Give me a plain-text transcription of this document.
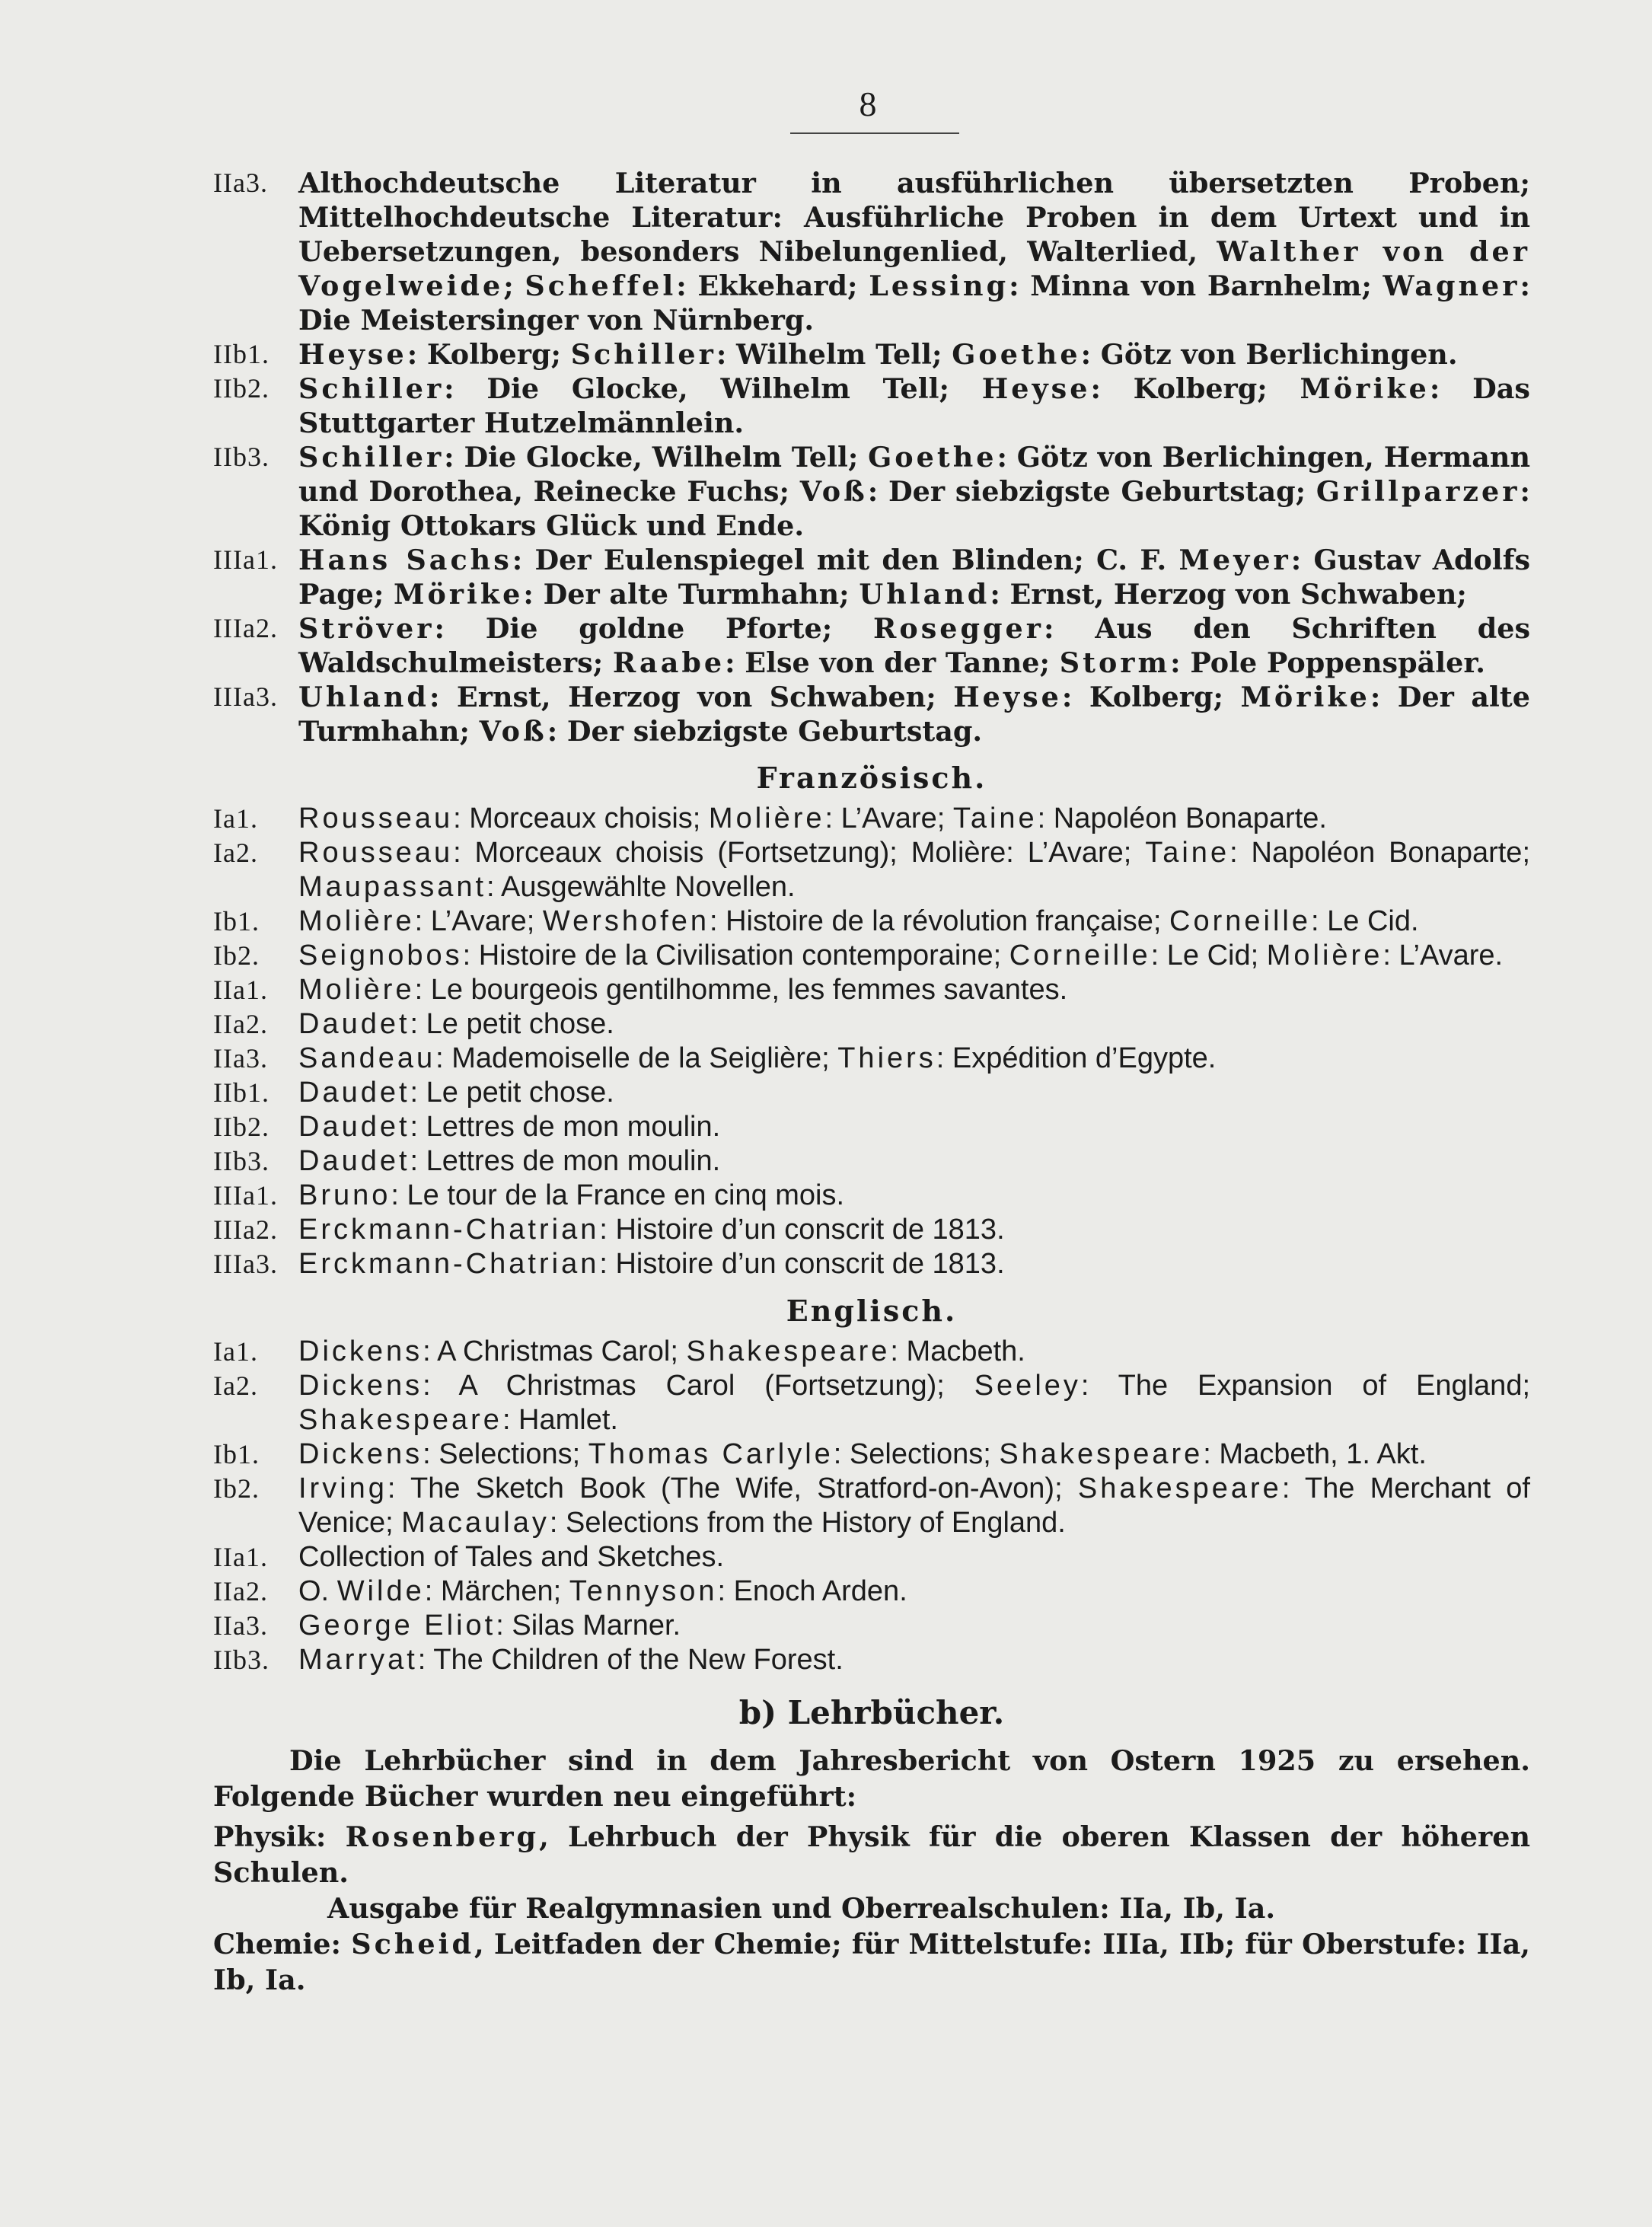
8
IIa3.	Althochdeutsche Literatur in ausführlichen übersetzten Proben; Mittelhochdeutsche Literatur: Ausführliche Proben in dem Urtext und in Uebersetzungen, besonders Nibelungenlied, Walterlied, Walther von der Vogelweide; Scheffel: Ekkehard; Lessing: Minna von Barnhelm; Wagner: Die Meistersinger von Nürnberg.
IIb1.	Heyse: Kolberg; Schiller: Wilhelm Tell; Goethe: Götz von Berlichingen.
IIb2.	Schiller: Die Glocke, Wilhelm Tell; Heyse: Kolberg; Mörike: Das Stuttgarter Hutzelmännlein.
IIb3.	Schiller: Die Glocke, Wilhelm Tell; Goethe: Götz von Berlichingen, Hermann und Dorothea, Reinecke Fuchs; Voß: Der siebzigste Geburtstag; Grillparzer: König Ottokars Glück und Ende.
IIIa1. Hans Sachs: Der Eulenspiegel mit den Blinden; C. F. Meyer: Gustav Adolfs Page; Mörike: Der alte Turmhahn; Uhland: Ernst, Herzog von Schwaben;
IIIa2. Ströver: Die goldne Pforte; Rosegger: Aus den Schriften des Waldschulmeisters; Raabe: Else von der Tanne; Storm: Pole Poppenspäler.
IIIa3. Uhland: Ernst, Herzog von Schwaben; Heyse: Kolberg; Mörike: Der alte Turmhahn; Voß: Der siebzigste Geburtstag.
Französisch.
Ia1.	Rousseau: Morceaux choisis; Molière: L’Avare; Taine: Napoléon Bonaparte.
Ia2.	Rousseau: Morceaux choisis (Fortsetzung); Molière: L’Avare; Taine: Napoléon Bonaparte; Maupassant: Ausgewählte Novellen.
Ib1.	Molière: L’Avare; Wershofen: Histoire de la révolution française; Corneille: Le Cid.
Ib2.	Seignobos: Histoire de la Civilisation contemporaine; Corneille: Le Cid; Molière: L’Avare.
IIa1.	Molière: Le bourgeois gentilhomme, les femmes savantes.
IIa2.	Daudet: Le petit chose.
IIa3.	Sandeau: Mademoiselle de la Seiglière; Thiers: Expédition d’Egypte.
IIb1.	Daudet: Le petit chose.
IIb2.	Daudet: Lettres de mon moulin.
IIb3.	Daudet: Lettres de mon moulin.
IIIa1. Bruno: Le tour de la France en cinq mois.
IIIa2. Erckmann-Chatrian: Histoire d’un conscrit de 1813.
IIIa3. Erckmann-Chatrian: Histoire d’un conscrit de 1813.
Englisch.
Ia1.	Dickens: A Christmas Carol; Shakespeare: Macbeth.
Ia2.	Dickens: A Christmas Carol (Fortsetzung); Seeley: The Expansion of England; Shakespeare: Hamlet.
Ib1.	Dickens: Selections; Thomas Carlyle: Selections; Shakespeare: Macbeth, 1. Akt.
Ib2.	Irving: The Sketch Book (The Wife, Stratford-on-Avon); Shakespeare: The Merchant of Venice; Macaulay: Selections from the History of England.
IIa1.	Collection of Tales and Sketches.
IIa2.	O. Wilde: Märchen; Tennyson: Enoch Arden.
IIa3.	George Eliot: Silas Marner.
IIb3.	Marryat: The Children of the New Forest.
b) Lehrbücher.
Die Lehrbücher sind in dem Jahresbericht von Ostern 1925 zu ersehen. Folgende Bücher wurden neu eingeführt:
Physik: Rosenberg, Lehrbuch der Physik für die oberen Klassen der höheren Schulen.
Ausgabe für Realgymnasien und Oberrealschulen: IIa, Ib, Ia.
Chemie: Scheid, Leitfaden der Chemie; für Mittelstufe: IIIa, IIb; für Oberstufe: IIa, Ib, Ia.
